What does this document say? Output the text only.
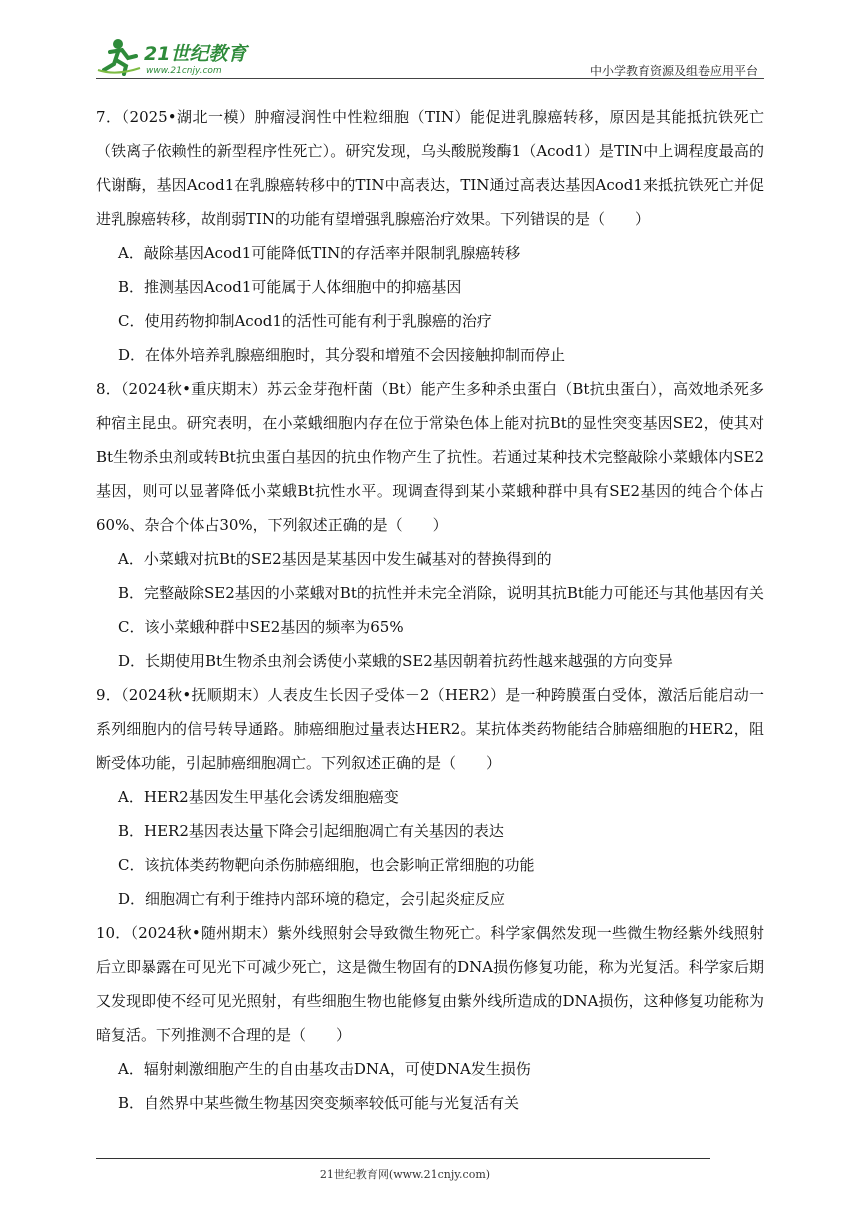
21世纪教育
www.21cnjy.com	中小学教育资源及组卷应用平台

7．（2025•湖北一模）肿瘤浸润性中性粒细胞（TIN）能促进乳腺癌转移，原因是其能抵抗铁死亡（铁离子依赖性的新型程序性死亡）。研究发现，乌头酸脱羧酶1（Acod1）是TIN中上调程度最高的代谢酶，基因Acod1在乳腺癌转移中的TIN中高表达，TIN通过高表达基因Acod1来抵抗铁死亡并促进乳腺癌转移，故削弱TIN的功能有望增强乳腺癌治疗效果。下列错误的是（　　）

A．敲除基因Acod1可能降低TIN的存活率并限制乳腺癌转移

B．推测基因Acod1可能属于人体细胞中的抑癌基因

C．使用药物抑制Acod1的活性可能有利于乳腺癌的治疗

D．在体外培养乳腺癌细胞时，其分裂和增殖不会因接触抑制而停止

8．（2024秋•重庆期末）苏云金芽孢杆菌（Bt）能产生多种杀虫蛋白（Bt抗虫蛋白），高效地杀死多种宿主昆虫。研究表明，在小菜蛾细胞内存在位于常染色体上能对抗Bt的显性突变基因SE2，使其对Bt生物杀虫剂或转Bt抗虫蛋白基因的抗虫作物产生了抗性。若通过某种技术完整敲除小菜蛾体内SE2基因，则可以显著降低小菜蛾Bt抗性水平。现调查得到某小菜蛾种群中具有SE2基因的纯合个体占60%、杂合个体占30%，下列叙述正确的是（　　）

A．小菜蛾对抗Bt的SE2基因是某基因中发生碱基对的替换得到的

B．完整敲除SE2基因的小菜蛾对Bt的抗性并未完全消除，说明其抗Bt能力可能还与其他基因有关

C．该小菜蛾种群中SE2基因的频率为65%

D．长期使用Bt生物杀虫剂会诱使小菜蛾的SE2基因朝着抗药性越来越强的方向变异

9．（2024秋•抚顺期末）人表皮生长因子受体－2（HER2）是一种跨膜蛋白受体，激活后能启动一系列细胞内的信号转导通路。肺癌细胞过量表达HER2。某抗体类药物能结合肺癌细胞的HER2，阻断受体功能，引起肺癌细胞凋亡。下列叙述正确的是（　　）

A．HER2基因发生甲基化会诱发细胞癌变

B．HER2基因表达量下降会引起细胞凋亡有关基因的表达

C．该抗体类药物靶向杀伤肺癌细胞，也会影响正常细胞的功能

D．细胞凋亡有利于维持内部环境的稳定，会引起炎症反应

10．（2024秋•随州期末）紫外线照射会导致微生物死亡。科学家偶然发现一些微生物经紫外线照射后立即暴露在可见光下可减少死亡，这是微生物固有的DNA损伤修复功能，称为光复活。科学家后期又发现即使不经可见光照射，有些细胞生物也能修复由紫外线所造成的DNA损伤，这种修复功能称为暗复活。下列推测不合理的是（　　）

A．辐射刺激细胞产生的自由基攻击DNA，可使DNA发生损伤

B．自然界中某些微生物基因突变频率较低可能与光复活有关

21世纪教育网(www.21cnjy.com)
